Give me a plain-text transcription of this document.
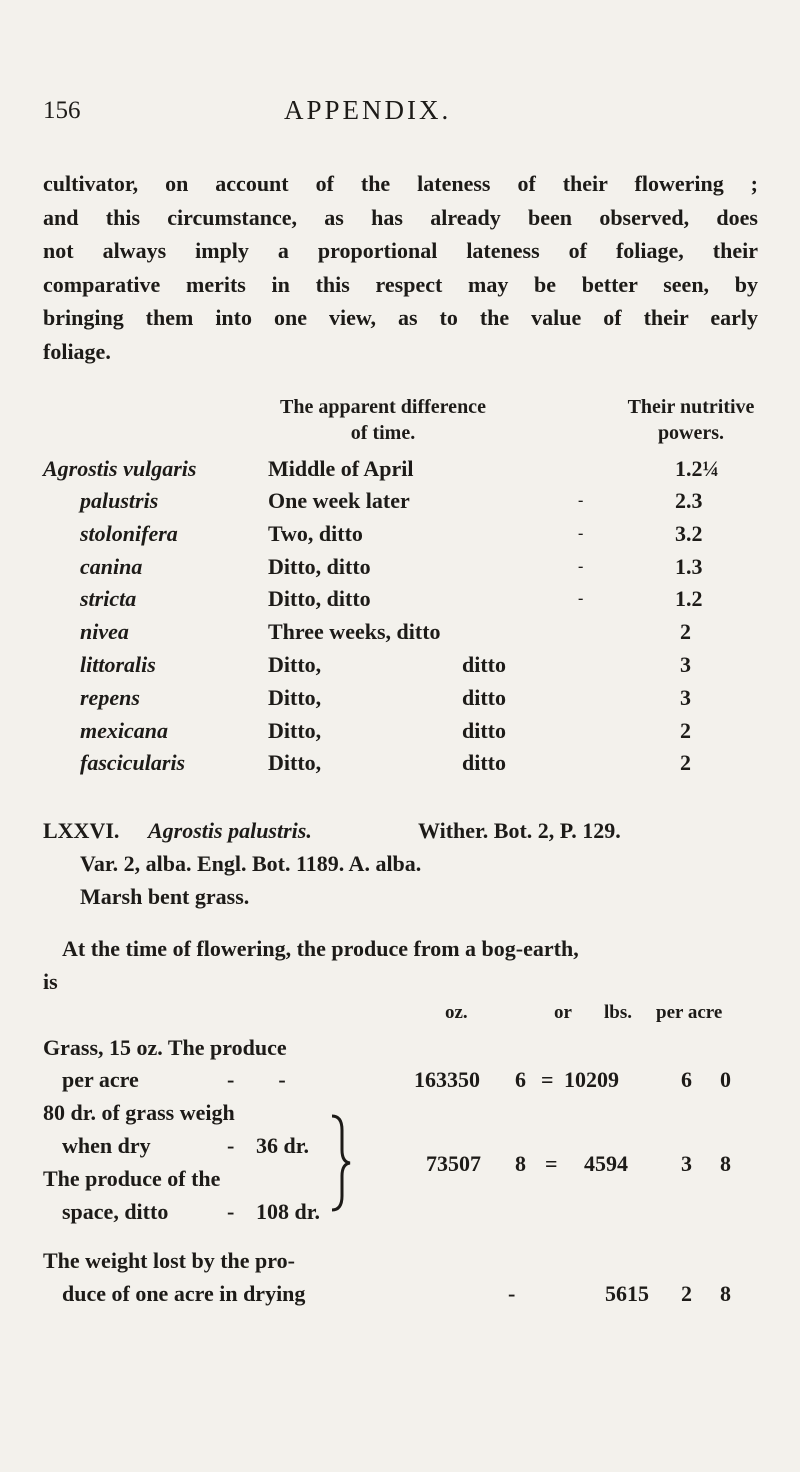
156	APPENDIX.
cultivator, on account of the lateness of their flowering ;
and this circumstance, as has already been observed, does
not always imply a proportional lateness of foliage, their
comparative merits in this respect may be better seen, by
bringing them into one view, as to the value of their early
foliage.
The apparent difference
of time.
Their nutritive
powers.
Agrostis vulgaris	Middle of April	1.2¼
palustris	One week later	-	2.3
stolonifera	Two, ditto	-	3.2
canina	Ditto, ditto	-	1.3
stricta	Ditto, ditto	-	1.2
nivea	Three weeks, ditto	2
littoralis	Ditto,	ditto	3
repens	Ditto,	ditto	3
mexicana	Ditto,	ditto	2
fascicularis	Ditto,	ditto	2
LXXVI. Agrostis palustris.	Wither. Bot. 2, P. 129.
Var. 2, alba. Engl. Bot. 1189. A. alba.
Marsh bent grass.
At the time of flowering, the produce from a bog-earth,
is
oz.	or lbs. per acre
Grass, 15 oz. The produce
per acre	-        -	163350 6 = 10209	6 0
80 dr. of grass weigh
when dry	- 36 dr.
The produce of the
space, ditto	- 108 dr.
73507 8 = 4594 3 8
The weight lost by the pro-
duce of one acre in drying	-	5615 2 8
